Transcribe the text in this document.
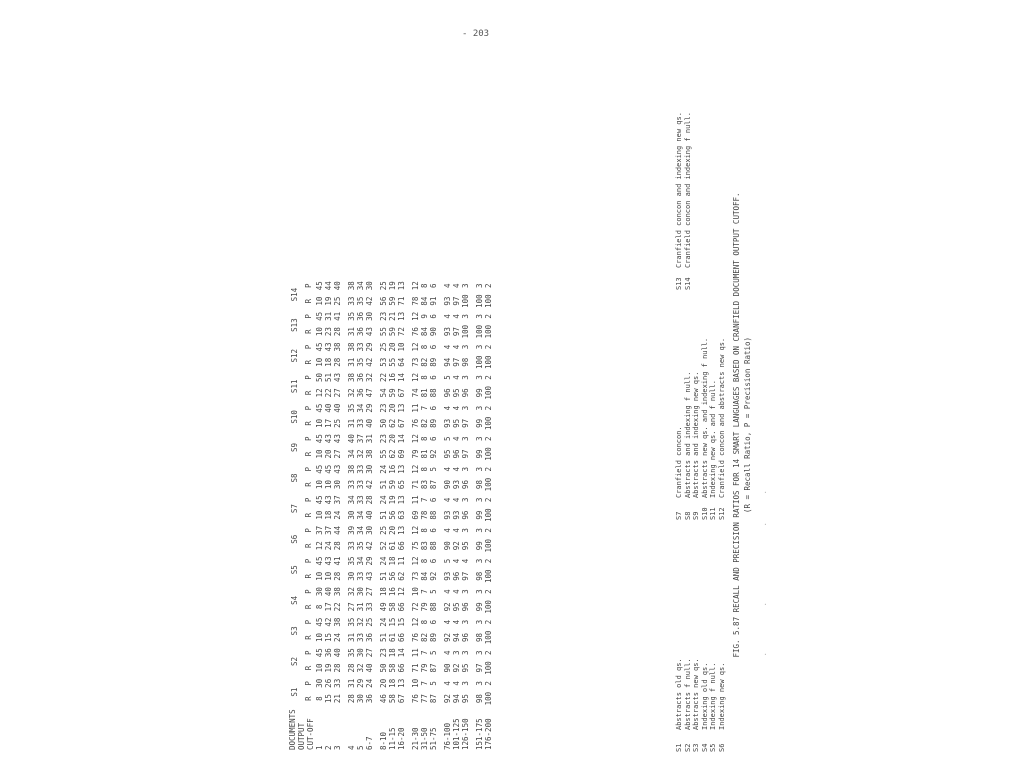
- 203
DOCUMENTS OUTPUT CUT-OFF	S1		S2		S3		S4		S5		S6		S7		S8		S9		S10		S11		S12		S13		S14	
	R	P	R	P	R	P	R	P	R	P	R	P	R	P	R	P	R	P	R	P	R	P	R	P	R	P	R	P
1	8	30	10	45	10	45	8	30	10	45	12	37	10	45	10	45	10	45	10	45	12	50	10	45	10	45	10	45
2	15	26	19	36	15	42	17	40	10	43	24	37	18	43	10	45	20	43	17	40	22	51	18	43	23	31	19	44
3	21	33	28	40	24	38	22	38	28	41	28	44	24	37	30	43	27	43	25	40	27	43	28	38	28	41	25	40

4	28	31	28	35	31	35	27	32	30	35	33	39	30	34	33	38	34	40	31	35	32	38	31	38	31	35	33	38
5	30	29	32	30	33	32	31	30	33	34	35	34	34	33	33	33	32	37	33	34	36	36	35	33	36	36	35	34
6-7	36	24	40	27	36	25	33	27	43	29	42	30	40	28	42	30	38	31	40	29	47	32	42	29	43	30	42	30

8-10	46	20	50	23	51	24	49	18	51	24	52	25	51	24	51	24	55	23	50	23	54	22	53	25	55	23	56	25
11-15	58	18	58	18	61	15	58	16	56	18	61	20	56	19	59	16	62	20	62	20	59	16	55	20	59	21	59	19
16-20	67	13	66	14	66	15	66	12	62	11	66	13	63	13	65	13	69	14	67	13	67	14	64	10	72	13	71	13

21-30	76	10	71	11	76	12	72	10	73	12	75	12	69	11	71	12	79	12	76	11	74	12	73	12	76	12	78	12
31-50	77	7	79	7	82	8	79	7	84	8	83	8	78	7	83	8	81	8	82	7	81	8	82	8	84	9	84	8
51-75	87	5	87	5	89	6	88	5	92	6	88	6	88	6	87	5	92	6	89	6	88	6	89	6	90	6	91	6

76-100	92	4	90	4	92	4	92	4	93	5	90	4	93	4	90	4	95	5	93	4	96	5	94	4	93	4	93	4
101-125	94	4	92	3	94	4	95	4	96	4	92	4	93	4	93	4	96	4	95	4	95	4	97	4	97	4	97	4
126-150	95	3	95	3	96	3	96	3	97	4	95	3	96	3	96	3	97	3	97	3	96	3	98	3	100	3	100	3

151-175	98	3	97	3	98	3	99	3	98	3	99	3	99	3	98	3	99	3	99	3	99	3	100	3	100	3	100	3
176-200	100	2	100	2	100	2	100	2	100	2	100	2	100	2	100	2	100	2	100	2	100	2	100	2	100	2	100	2
S1Abstracts old qs.
S2Abstracts f null.
S3Abstracts new qs.
S4Indexing old qs.
S5Indexing f null.
S6Indexing new qs.
S7Cranfield concon.
S8Abstracts and indexing f null.
S9Abstracts and indexing new qs.
S10Abstracts new qs. and indexing f null.
S11Indexing new qs. and f null.
S12Cranfield concon and abstracts new qs.
S13Cranfield concon and indexing new qs.
S14Cranfield concon and indexing f null.
FIG. 5.87 RECALL AND PRECISION RATIOS FOR 14 SMART LANGUAGES BASED ON CRANFIELD DOCUMENT OUTPUT CUTOFF. (R = Recall Ratio, P = Precision Ratio) ·
·
·
·
